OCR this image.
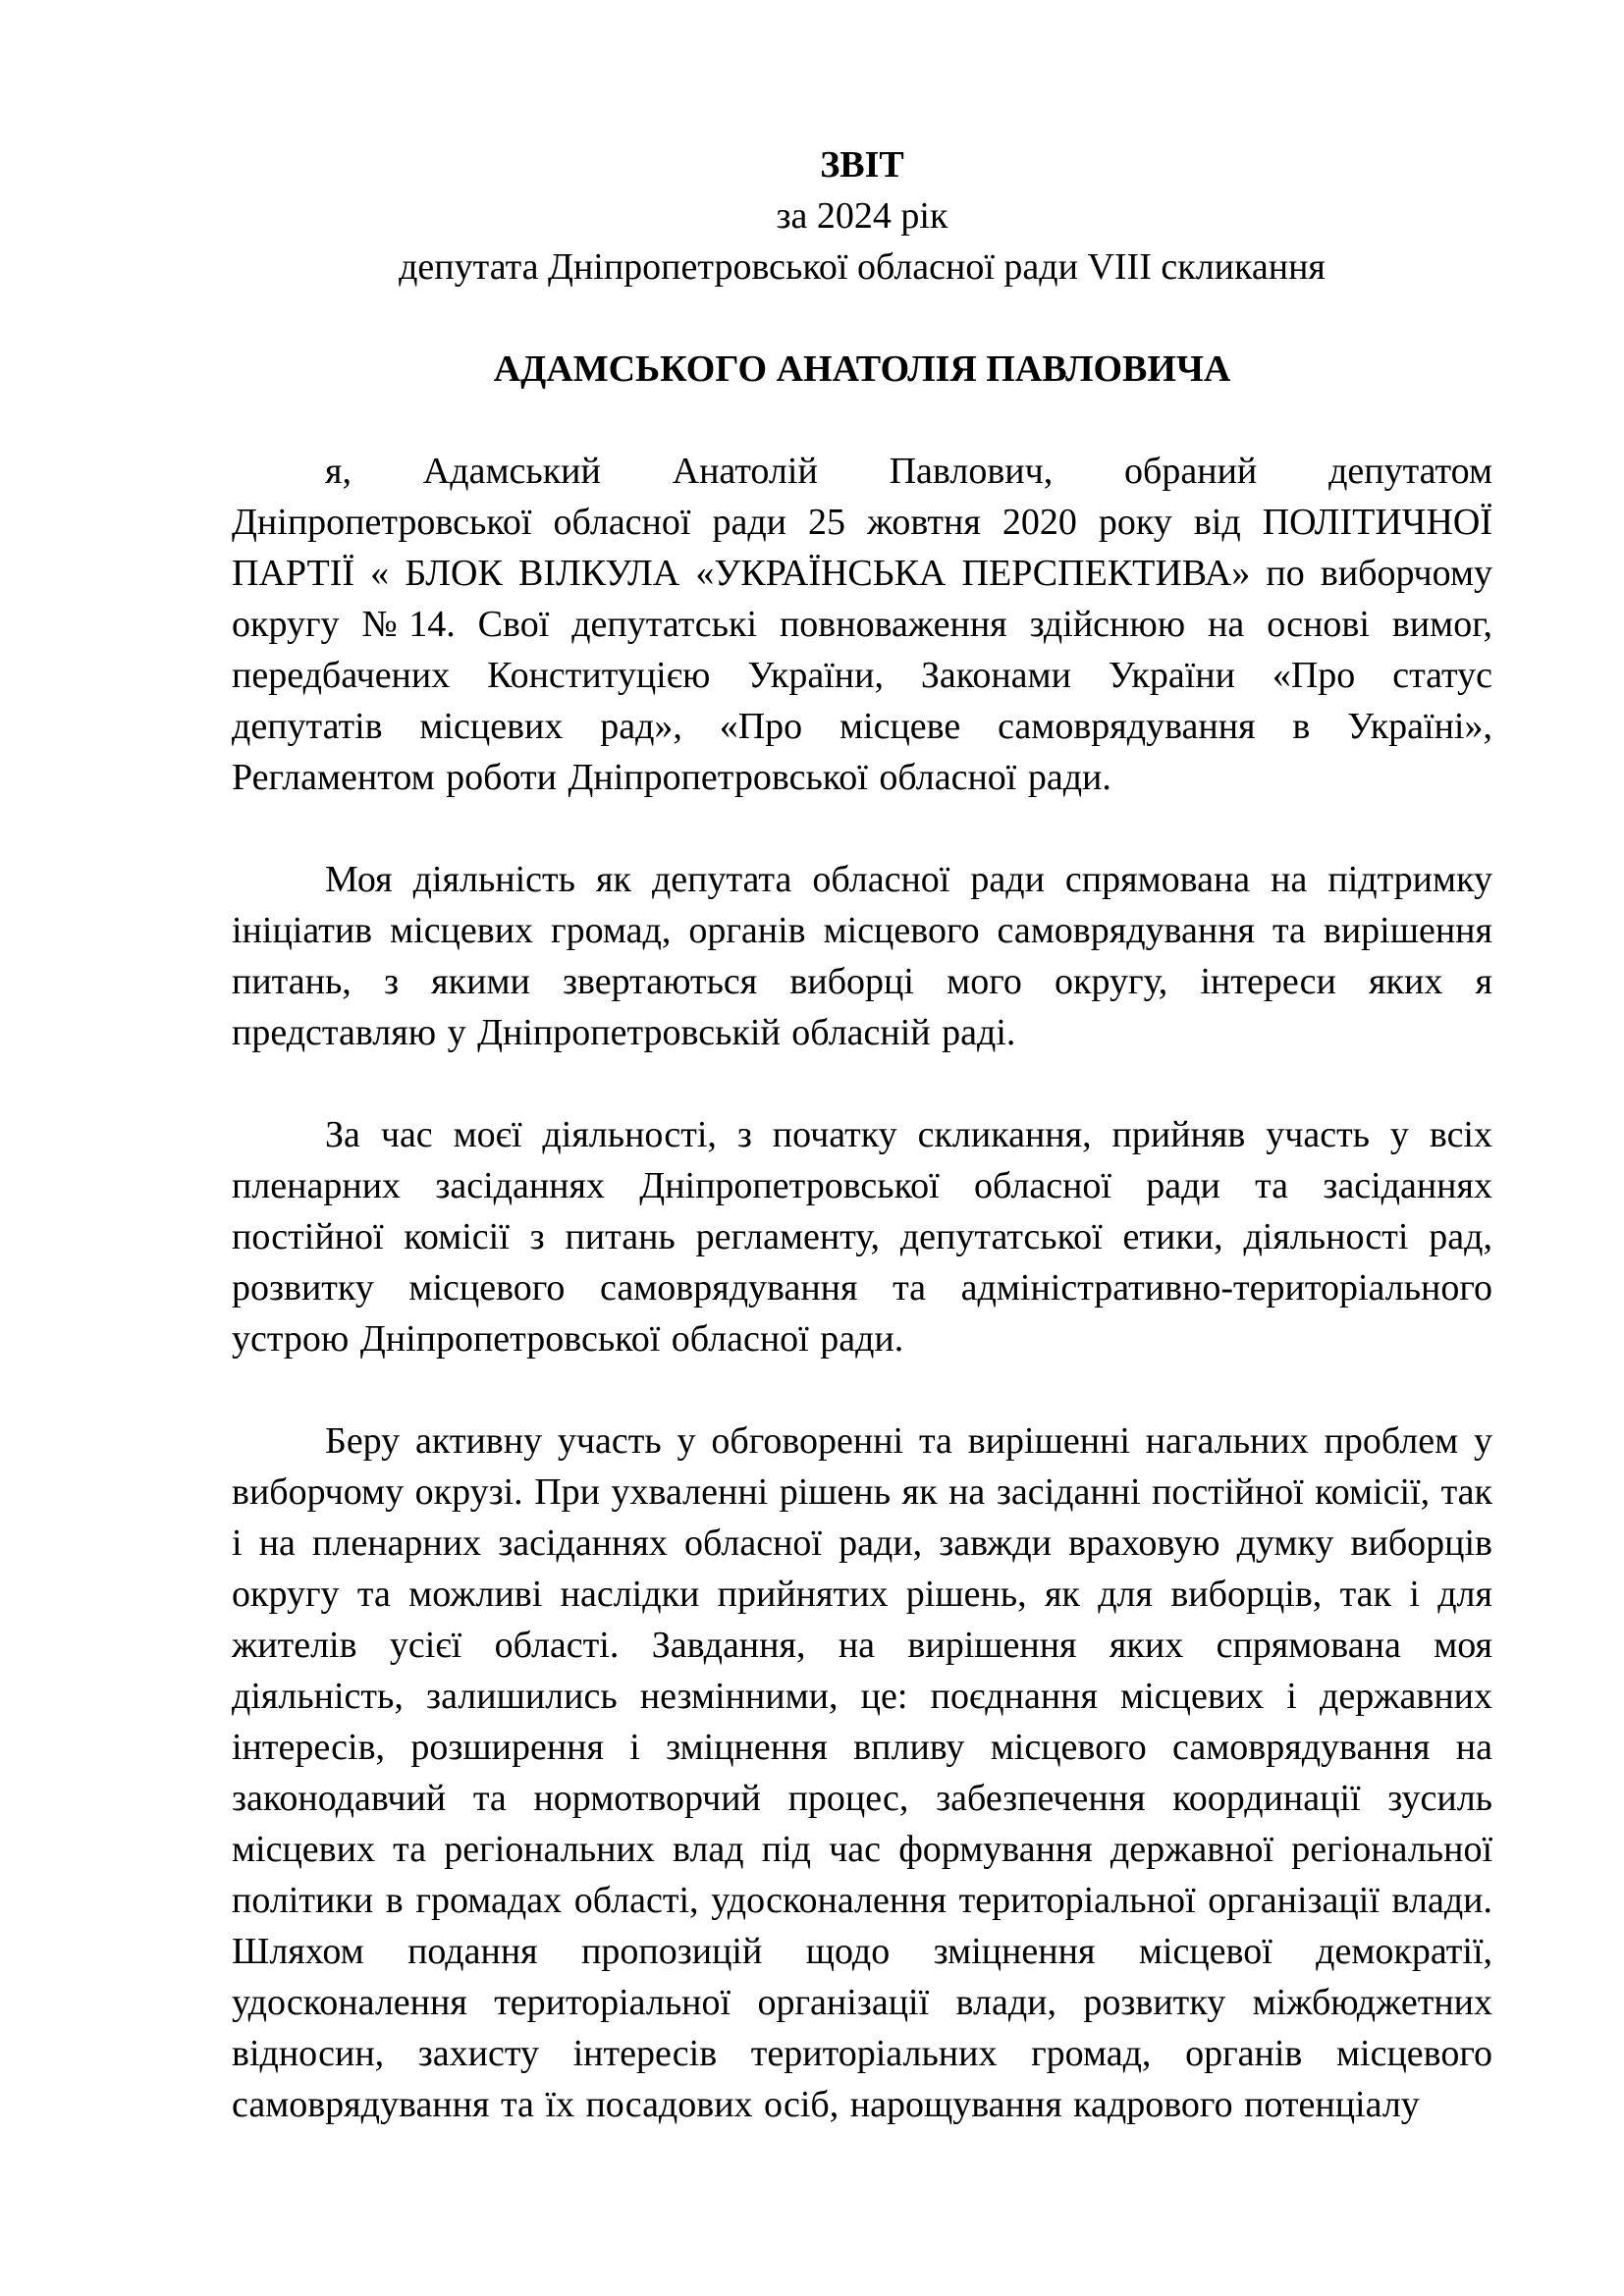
ЗВІТ
за 2024 рік
депутата Дніпропетровської обласної ради VIII скликання
АДАМСЬКОГО АНАТОЛІЯ ПАВЛОВИЧА

я, Адамський Анатолій Павлович, обраний депутатом Дніпропетровської обласної ради 25 жовтня 2020 року від ПОЛІТИЧНОЇ ПАРТІЇ « БЛОК ВІЛКУЛА «УКРАЇНСЬКА ПЕРСПЕКТИВА» по виборчому округу №14. Свої депутатські повноваження здійснюю на основі вимог, передбачених Конституцією України, Законами України «Про статус депутатів місцевих рад», «Про місцеве самоврядування в Україні», Регламентом роботи Дніпропетровської обласної ради.

Моя діяльність як депутата обласної ради спрямована на підтримку ініціатив місцевих громад, органів місцевого самоврядування та вирішення питань, з якими звертаються виборці мого округу, інтереси яких я представляю у Дніпропетровській обласній раді.

За час моєї діяльності, з початку скликання, прийняв участь у всіх пленарних засіданнях Дніпропетровської обласної ради та засіданнях постійної комісії з питань регламенту, депутатської етики, діяльності рад, розвитку місцевого самоврядування та адміністративно-територіального устрою Дніпропетровської обласної ради.

Беру активну участь у обговоренні та вирішенні нагальних проблем у виборчому окрузі. При ухваленні рішень як на засіданні постійної комісії, так і на пленарних засіданнях обласної ради, завжди враховую думку виборців округу та можливі наслідки прийнятих рішень, як для виборців, так і для жителів усієї області. Завдання, на вирішення яких спрямована моя діяльність, залишились незмінними, це: поєднання місцевих і державних інтересів, розширення і зміцнення впливу місцевого самоврядування на законодавчий та нормотворчий процес, забезпечення координації зусиль місцевих та регіональних влад під час формування державної регіональної політики в громадах області, удосконалення територіальної організації влади. Шляхом подання пропозицій щодо зміцнення місцевої демократії, удосконалення територіальної організації влади, розвитку міжбюджетних відносин, захисту інтересів територіальних громад, органів місцевого самоврядування та їх посадових осіб, нарощування кадрового потенціалу
